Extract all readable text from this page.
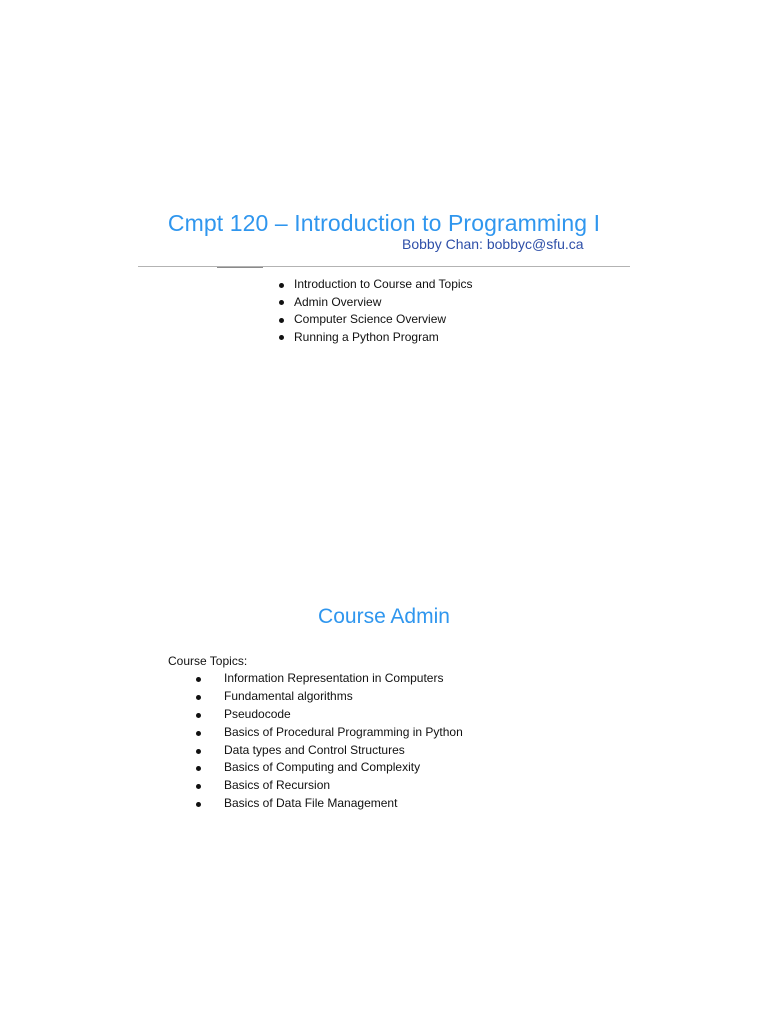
Cmpt 120 – Introduction to Programming I
Bobby Chan: bobbyc@sfu.ca
Introduction to Course and Topics
Admin Overview
Computer Science Overview
Running a Python Program
Course Admin
Course Topics:
Information Representation in Computers
Fundamental algorithms
Pseudocode
Basics of Procedural Programming in Python
Data types and Control Structures
Basics of Computing and Complexity
Basics of Recursion
Basics of Data File Management
